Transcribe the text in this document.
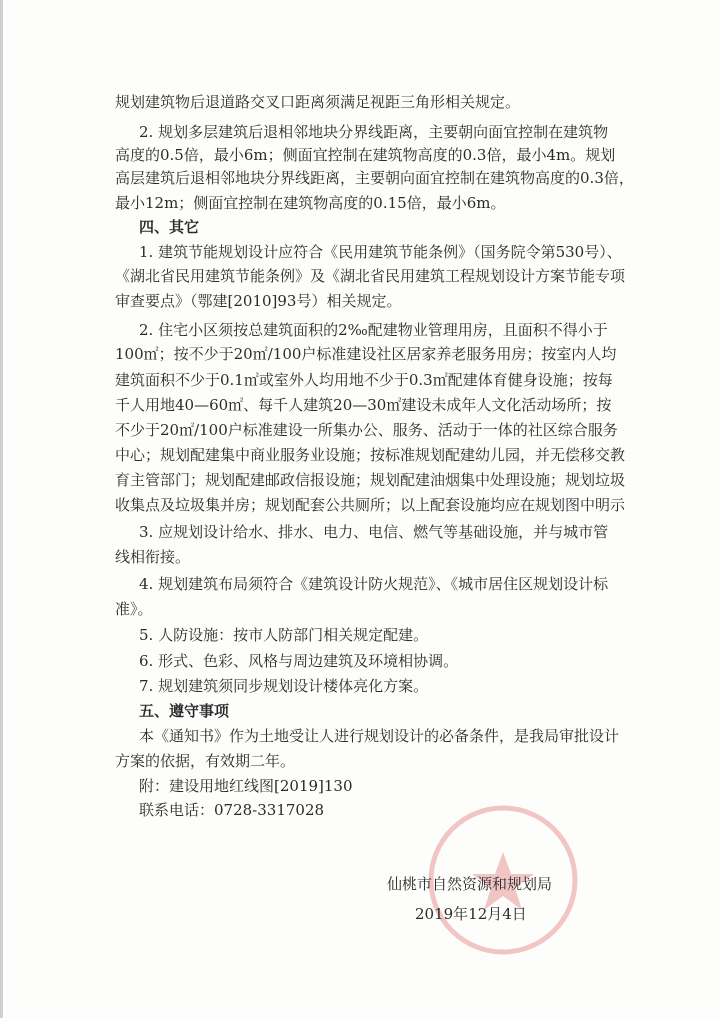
规划建筑物后退道路交叉口距离须满足视距三角形相关规定。
2. 规划多层建筑后退相邻地块分界线距离，主要朝向面宜控制在建筑物
高度的0.5倍，最小6m；侧面宜控制在建筑物高度的0.3倍，最小4m。规划
高层建筑后退相邻地块分界线距离，主要朝向面宜控制在建筑物高度的0.3倍，
最小12m；侧面宜控制在建筑物高度的0.15倍，最小6m。
四、其它
1. 建筑节能规划设计应符合《民用建筑节能条例》（国务院令第530号）、
《湖北省民用建筑节能条例》及《湖北省民用建筑工程规划设计方案节能专项
审查要点》（鄂建[2010]93号）相关规定。
2. 住宅小区须按总建筑面积的2‰配建物业管理用房，且面积不得小于
100㎡；按不少于20㎡/100户标准建设社区居家养老服务用房；按室内人均
建筑面积不少于0.1㎡或室外人均用地不少于0.3㎡配建体育健身设施；按每
千人用地40—60㎡、每千人建筑20—30㎡建设未成年人文化活动场所；按
不少于20㎡/100户标准建设一所集办公、服务、活动于一体的社区综合服务
中心；规划配建集中商业服务业设施；按标准规划配建幼儿园，并无偿移交教
育主管部门；规划配建邮政信报设施；规划配建油烟集中处理设施；规划垃圾
收集点及垃圾集并房；规划配套公共厕所；以上配套设施均应在规划图中明示
3. 应规划设计给水、排水、电力、电信、燃气等基础设施，并与城市管
线相衔接。
4. 规划建筑布局须符合《建筑设计防火规范》、《城市居住区规划设计标
准》。
5. 人防设施：按市人防部门相关规定配建。
6. 形式、色彩、风格与周边建筑及环境相协调。
7. 规划建筑须同步规划设计楼体亮化方案。
五、遵守事项
本《通知书》作为土地受让人进行规划设计的必备条件，是我局审批设计
方案的依据，有效期二年。
附：建设用地红线图[2019]130
联系电话：0728-3317028
仙桃市自然资源和规划局
2019年12月4日
